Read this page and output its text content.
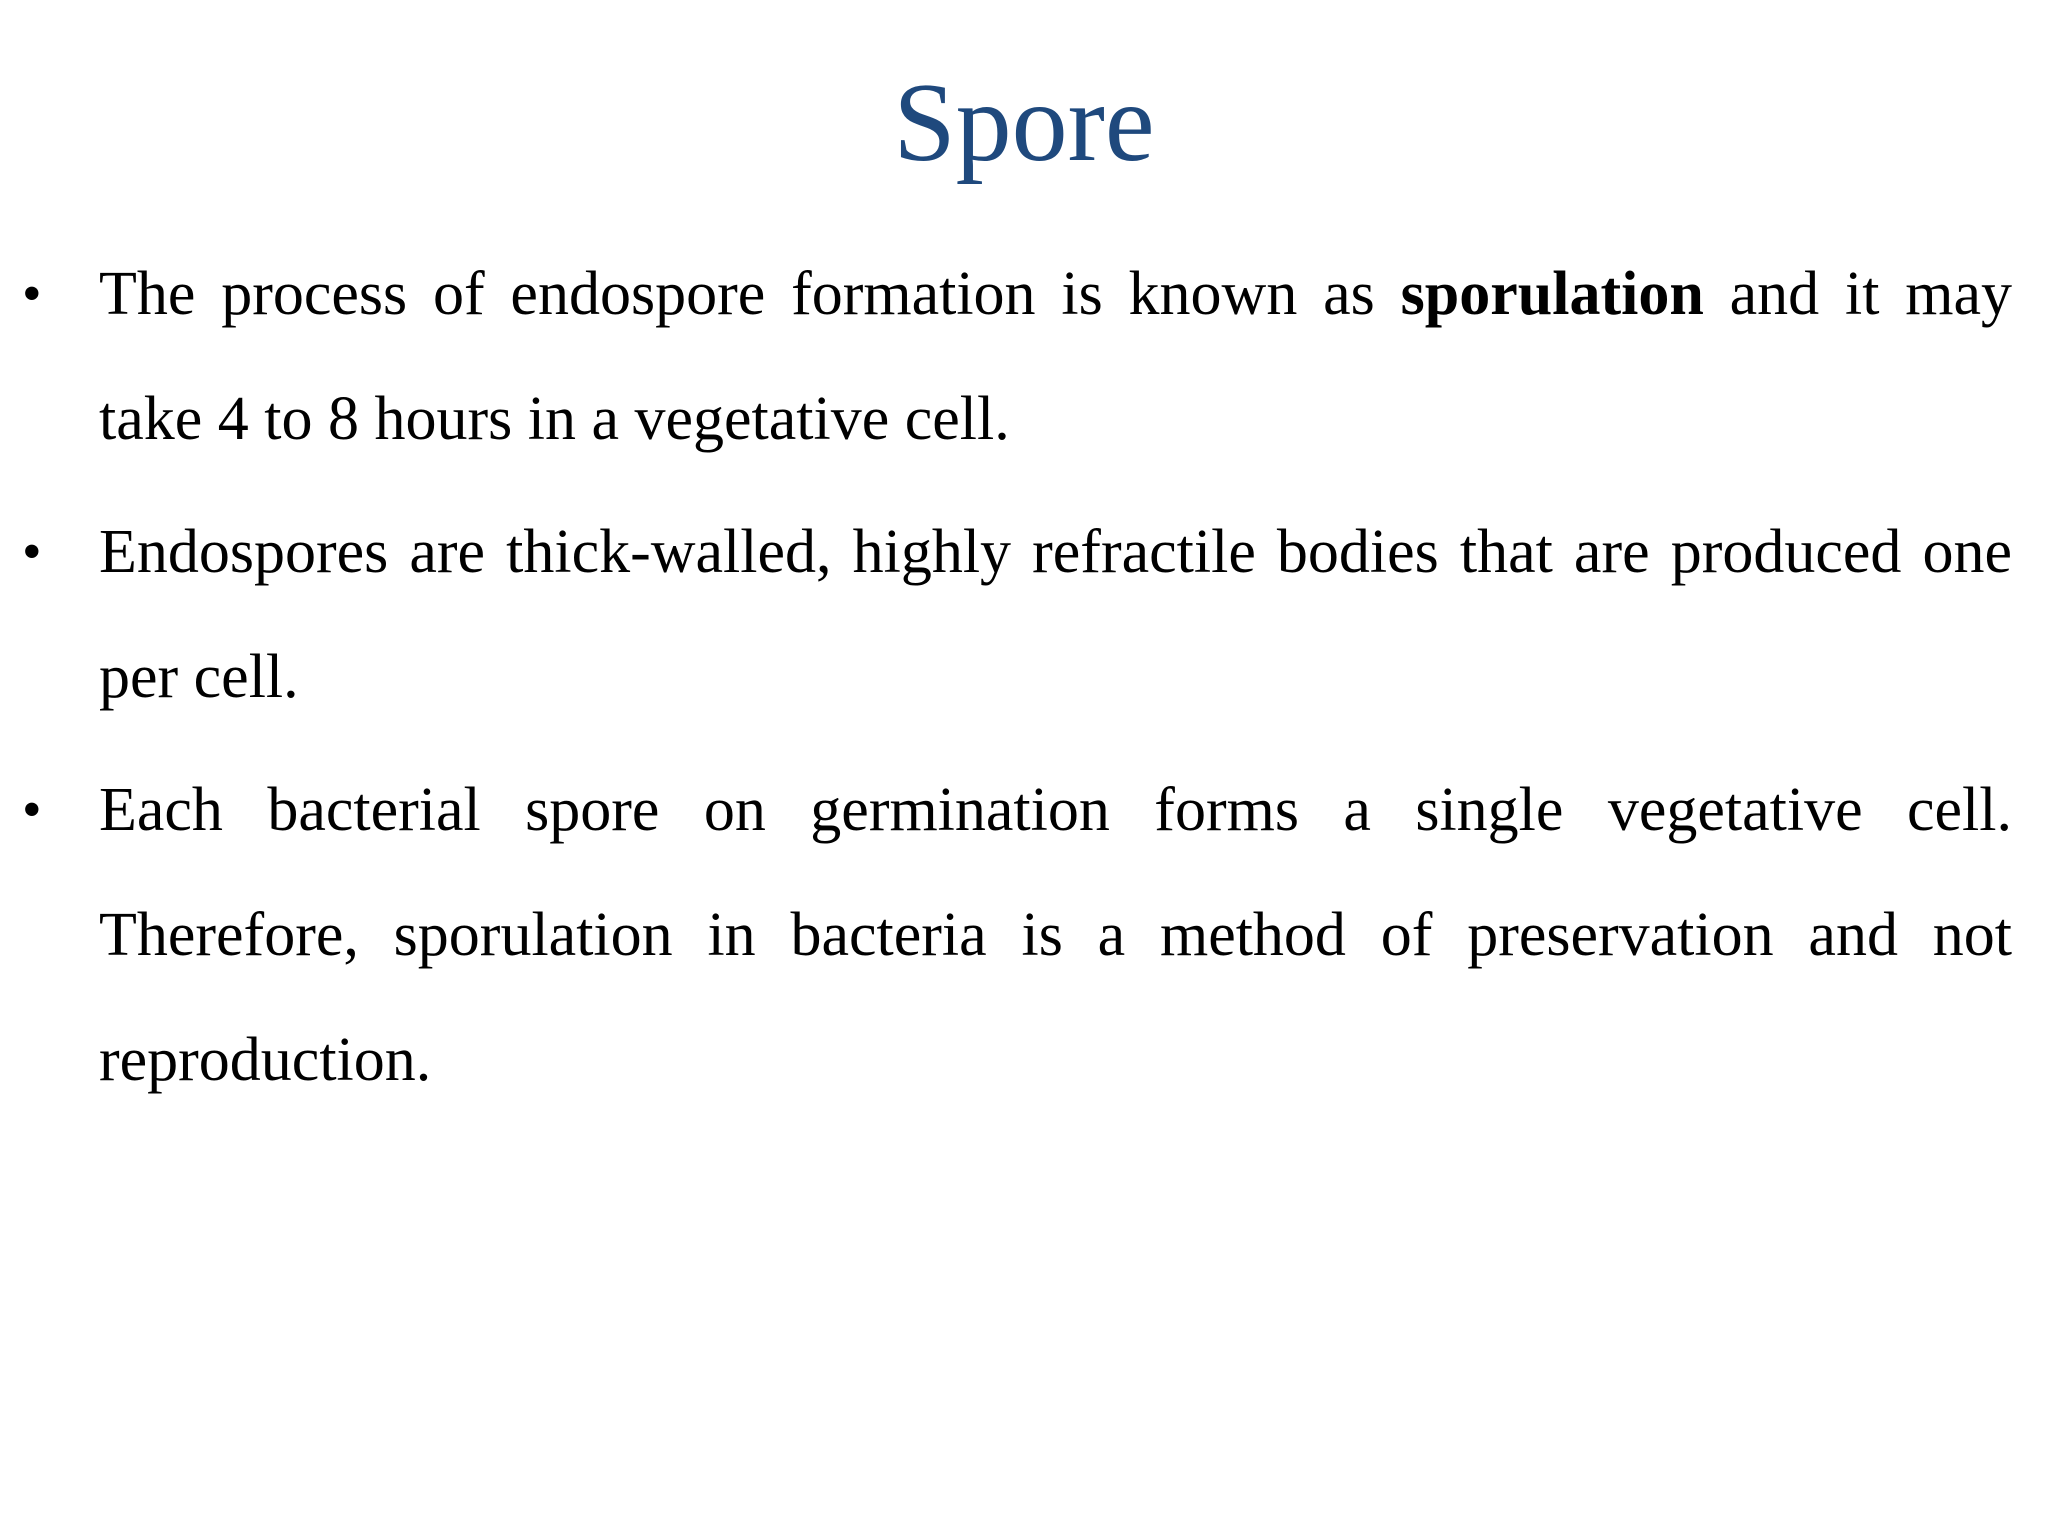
Spore
• The process of endospore formation is known as sporulation and it may take 4 to 8 hours in a vegetative cell.
• Endospores are thick-walled, highly refractile bodies that are produced one per cell.
• Each bacterial spore on germination forms a single vegetative cell. Therefore, sporulation in bacteria is a method of preservation and not reproduction.
